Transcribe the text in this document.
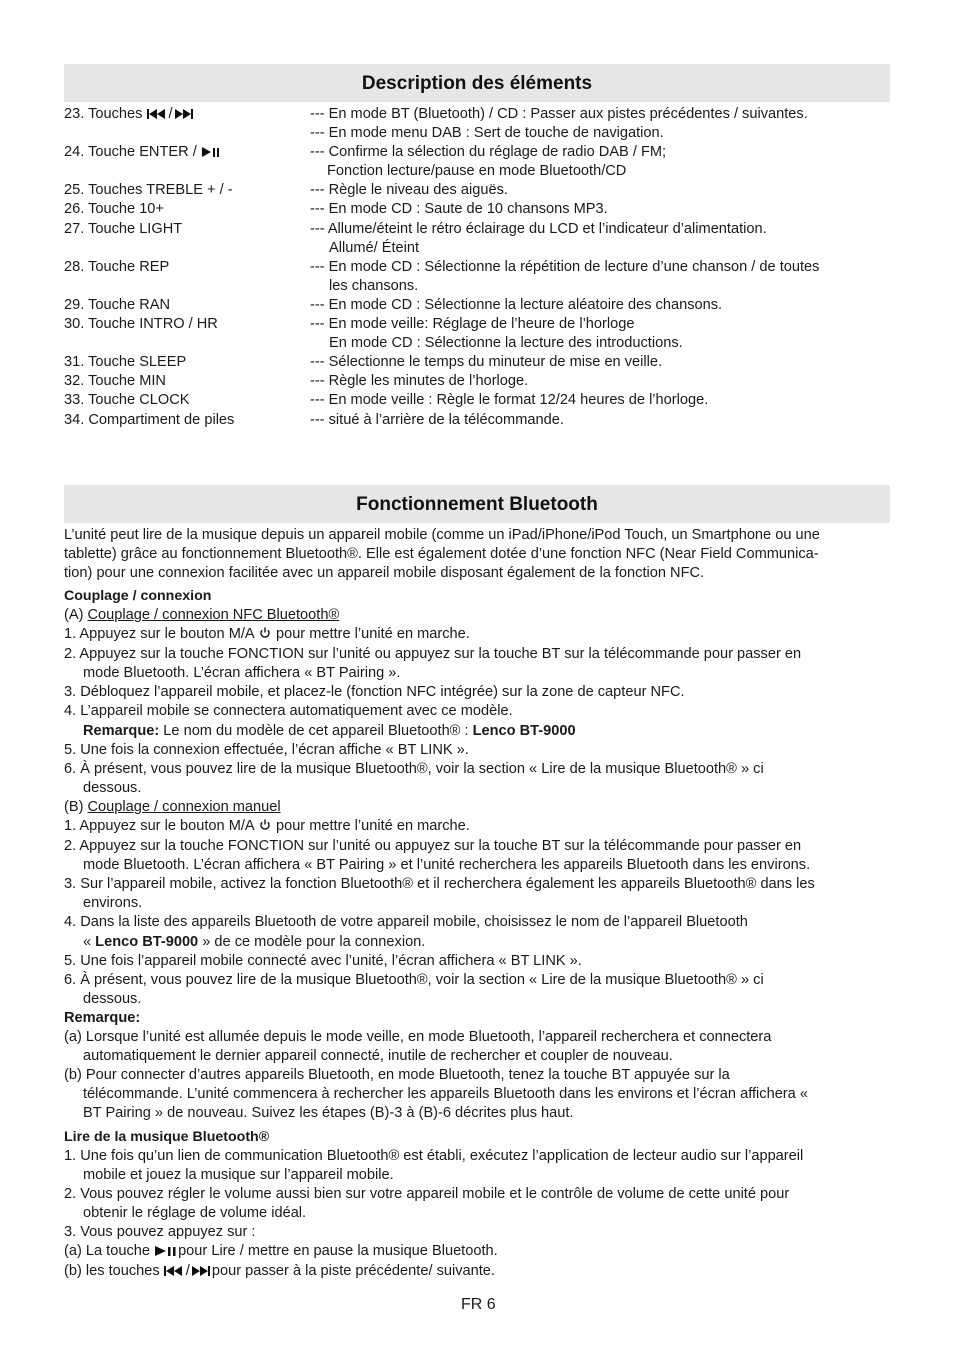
Description des éléments
23. Touches /	--- En mode BT (Bluetooth) / CD : Passer aux pistes précédentes / suivantes.
--- En mode menu DAB : Sert de touche de navigation.
24. Touche ENTER /	--- Confirme la sélection du réglage de radio DAB / FM;
Fonction lecture/pause en mode Bluetooth/CD
25. Touches TREBLE + / -	--- Règle le niveau des aiguës.
26. Touche 10+	--- En mode CD : Saute de 10 chansons MP3.
27. Touche LIGHT	--- Allume/éteint le rétro éclairage du LCD et l’indicateur d’alimentation.
Allumé/ Éteint
28. Touche REP	--- En mode CD : Sélectionne la répétition de lecture d’une chanson / de toutes
les chansons.
29. Touche RAN	--- En mode CD : Sélectionne la lecture aléatoire des chansons.
30. Touche INTRO / HR	--- En mode veille: Réglage de l’heure de l’horloge
En mode CD : Sélectionne la lecture des introductions.
31. Touche SLEEP	--- Sélectionne le temps du minuteur de mise en veille.
32. Touche MIN	--- Règle les minutes de l’horloge.
33. Touche CLOCK	--- En mode veille : Règle le format 12/24 heures de l’horloge.
34. Compartiment de piles	--- situé à l’arrière de la télécommande.
Fonctionnement Bluetooth
L’unité peut lire de la musique depuis un appareil mobile (comme un iPad/iPhone/iPod Touch, un Smartphone ou une
tablette) grâce au fonctionnement Bluetooth®. Elle est également dotée d’une fonction NFC (Near Field Communica-
tion) pour une connexion facilitée avec un appareil mobile disposant également de la fonction NFC.
Couplage / connexion
(A) Couplage / connexion NFC Bluetooth®
1. Appuyez sur le bouton M/A  pour mettre l’unité en marche.
2. Appuyez sur la touche FONCTION sur l’unité ou appuyez sur la touche BT sur la télécommande pour passer en
mode Bluetooth. L’écran affichera « BT Pairing ».
3. Débloquez l’appareil mobile, et placez-le (fonction NFC intégrée) sur la zone de capteur NFC.
4. L’appareil mobile se connectera automatiquement avec ce modèle.
Remarque: Le nom du modèle de cet appareil Bluetooth® : Lenco BT-9000
5. Une fois la connexion effectuée, l’écran affiche « BT LINK ».
6. À présent, vous pouvez lire de la musique Bluetooth®, voir la section « Lire de la musique Bluetooth® » ci
dessous.
(B) Couplage / connexion manuel
1. Appuyez sur le bouton M/A  pour mettre l’unité en marche.
2. Appuyez sur la touche FONCTION sur l’unité ou appuyez sur la touche BT sur la télécommande pour passer en
mode Bluetooth. L’écran affichera « BT Pairing » et l’unité recherchera les appareils Bluetooth dans les environs.
3. Sur l’appareil mobile, activez la fonction Bluetooth® et il recherchera également les appareils Bluetooth® dans les
environs.
4. Dans la liste des appareils Bluetooth de votre appareil mobile, choisissez le nom de l’appareil Bluetooth
« Lenco BT-9000 » de ce modèle pour la connexion.
5. Une fois l’appareil mobile connecté avec l’unité, l’écran affichera « BT LINK ».
6. À présent, vous pouvez lire de la musique Bluetooth®, voir la section « Lire de la musique Bluetooth® » ci
dessous.
Remarque:
(a) Lorsque l’unité est allumée depuis le mode veille, en mode Bluetooth, l’appareil recherchera et connectera
automatiquement le dernier appareil connecté, inutile de rechercher et coupler de nouveau.
(b) Pour connecter d’autres appareils Bluetooth, en mode Bluetooth, tenez la touche BT appuyée sur la
télécommande. L’unité commencera à rechercher les appareils Bluetooth dans les environs et l’écran affichera «
BT Pairing » de nouveau. Suivez les étapes (B)-3 à (B)-6 décrites plus haut.
Lire de la musique Bluetooth®
1. Une fois qu’un lien de communication Bluetooth® est établi, exécutez l’application de lecteur audio sur l’appareil
mobile et jouez la musique sur l’appareil mobile.
2. Vous pouvez régler le volume aussi bien sur votre appareil mobile et le contrôle de volume de cette unité pour
obtenir le réglage de volume idéal.
3. Vous pouvez appuyez sur :
(a) La touche pour Lire / mettre en pause la musique Bluetooth.
(b) les touches / pour passer à la piste précédente/ suivante.
FR 6
